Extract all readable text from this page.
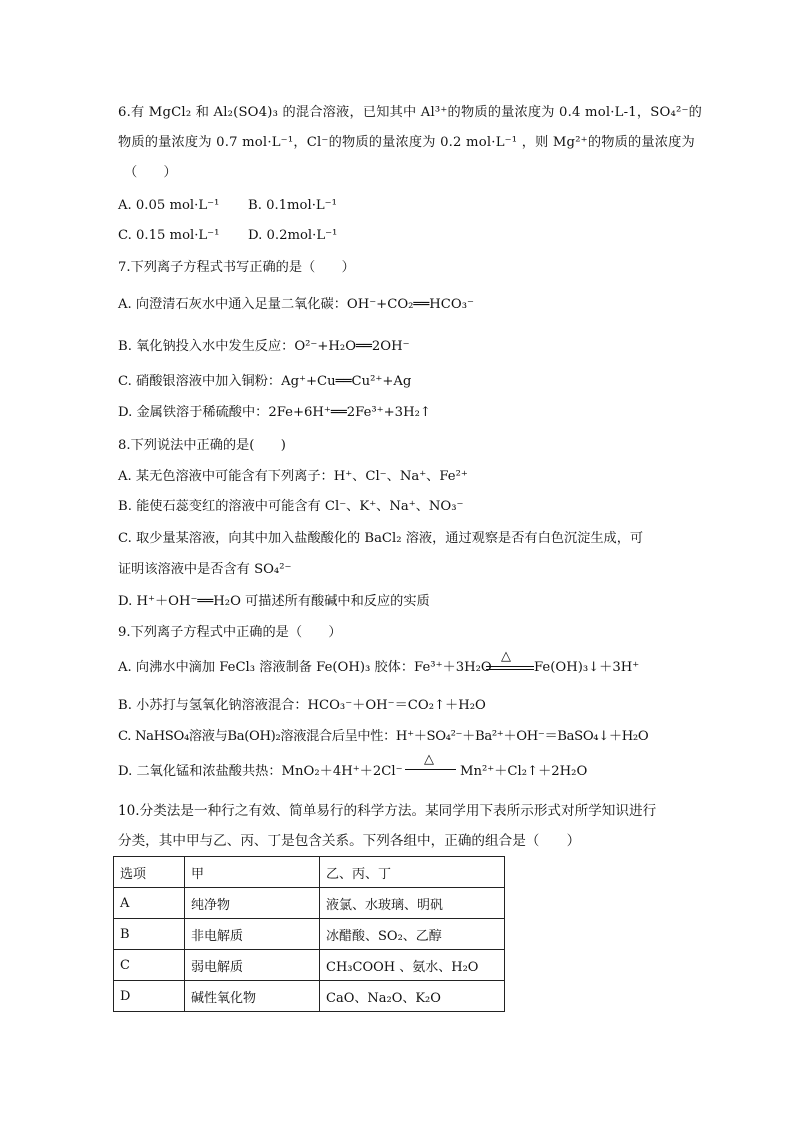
6.有 MgCl₂ 和 Al₂(SO4)₃ 的混合溶液，已知其中 Al³⁺的物质的量浓度为 0.4 mol·L-1，SO₄²⁻的
物质的量浓度为 0.7 mol·L⁻¹，Cl⁻的物质的量浓度为 0.2 mol·L⁻¹ ，则 Mg²⁺的物质的量浓度为
（　　）
A. 0.05 mol·L⁻¹ B. 0.1mol·L⁻¹
C. 0.15 mol·L⁻¹ D. 0.2mol·L⁻¹
7.下列离子方程式书写正确的是（　　）
A. 向澄清石灰水中通入足量二氧化碳：OH⁻+CO₂══HCO₃⁻
B. 氧化钠投入水中发生反应：O²⁻+H₂O══2OH⁻
C. 硝酸银溶液中加入铜粉：Ag⁺+Cu══Cu²⁺+Ag
D. 金属铁溶于稀硫酸中：2Fe+6H⁺══2Fe³⁺+3H₂↑
8.下列说法中正确的是(　　)
A. 某无色溶液中可能含有下列离子：H⁺、Cl⁻、Na⁺、Fe²⁺
B. 能使石蕊变红的溶液中可能含有 Cl⁻、K⁺、Na⁺、NO₃⁻
C. 取少量某溶液，向其中加入盐酸酸化的 BaCl₂ 溶液，通过观察是否有白色沉淀生成，可
证明该溶液中是否含有 SO₄²⁻
D. H⁺＋OH⁻══H₂O 可描述所有酸碱中和反应的实质
9.下列离子方程式中正确的是（　　）
A. 向沸水中滴加 FeCl₃ 溶液制备 Fe(OH)₃ 胶体：Fe³⁺＋3H₂O
△
Fe(OH)₃↓＋3H⁺
B. 小苏打与氢氧化钠溶液混合：HCO₃⁻＋OH⁻＝CO₂↑＋H₂O
C. NaHSO₄溶液与Ba(OH)₂溶液混合后呈中性：H⁺＋SO₄²⁻＋Ba²⁺＋OH⁻＝BaSO₄↓＋H₂O
D. 二氧化锰和浓盐酸共热：MnO₂＋4H⁺＋2Cl⁻
△
Mn²⁺＋Cl₂↑＋2H₂O
10.分类法是一种行之有效、简单易行的科学方法。某同学用下表所示形式对所学知识进行
分类，其中甲与乙、丙、丁是包含关系。下列各组中，正确的组合是（　　）
选项	甲	乙、丙、丁
A	纯净物	液氯、水玻璃、明矾
B	非电解质	冰醋酸、SO₂、乙醇
C	弱电解质	CH₃COOH 、氨水、H₂O
D	碱性氧化物	CaO、Na₂O、K₂O
